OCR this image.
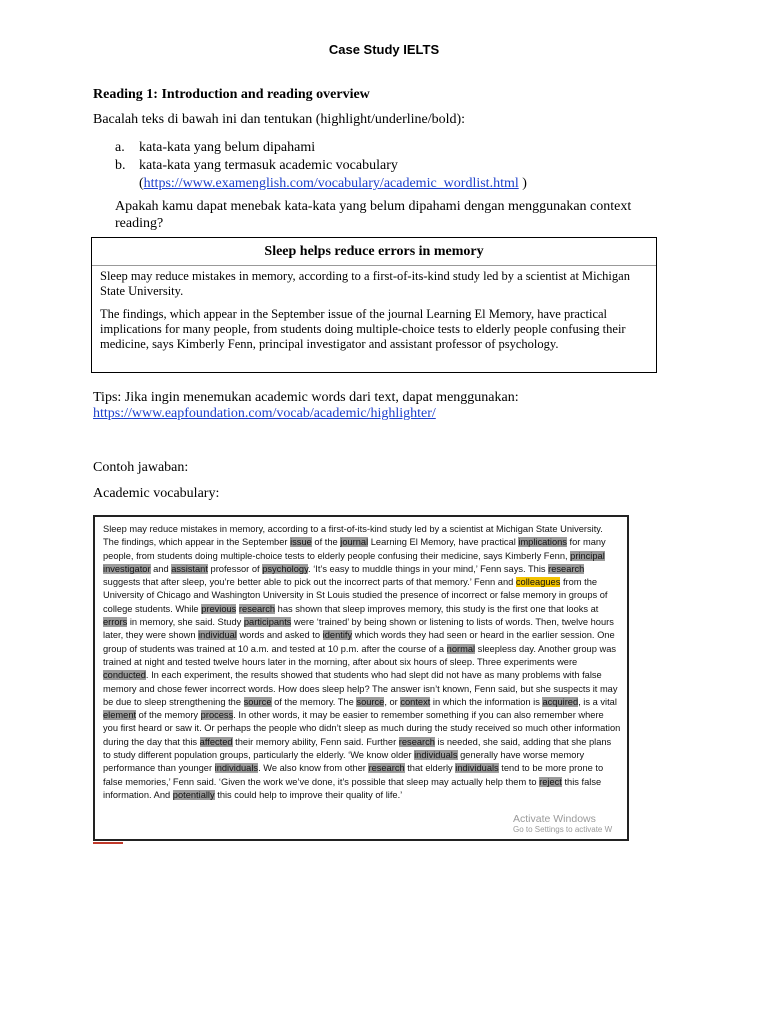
Case Study IELTS
Reading 1: Introduction and reading overview
Bacalah teks di bawah ini dan tentukan (highlight/underline/bold):
a. kata-kata yang belum dipahami
b. kata-kata yang termasuk academic vocabulary
(https://www.examenglish.com/vocabulary/academic_wordlist.html )
Apakah kamu dapat menebak kata-kata yang belum dipahami dengan menggunakan context reading?
Sleep helps reduce errors in memory
Sleep may reduce mistakes in memory, according to a first-of-its-kind study led by a scientist at Michigan State University.
The findings, which appear in the September issue of the journal Learning El Memory, have practical implications for many people, from students doing multiple-choice tests to elderly people confusing their medicine, says Kimberly Fenn, principal investigator and assistant professor of psychology.
Tips: Jika ingin menemukan academic words dari text, dapat menggunakan:
https://www.eapfoundation.com/vocab/academic/highlighter/
Contoh jawaban:
Academic vocabulary:
Sleep may reduce mistakes in memory, according to a first-of-its-kind study led by a scientist at Michigan State University. The findings, which appear in the September issue of the journal Learning El Memory, have practical implications for many people, from students doing multiple-choice tests to elderly people confusing their medicine, says Kimberly Fenn, principal investigator and assistant professor of psychology. ‘It’s easy to muddle things in your mind,’ Fenn says. This research suggests that after sleep, you’re better able to pick out the incorrect parts of that memory.’ Fenn and colleagues from the University of Chicago and Washington University in St Louis studied the presence of incorrect or false memory in groups of college students. While previous research has shown that sleep improves memory, this study is the first one that looks at errors in memory, she said. Study participants were ‘trained’ by being shown or listening to lists of words. Then, twelve hours later, they were shown individual words and asked to identify which words they had seen or heard in the earlier session. One group of students was trained at 10 a.m. and tested at 10 p.m. after the course of a normal sleepless day. Another group was trained at night and tested twelve hours later in the morning, after about six hours of sleep. Three experiments were conducted. In each experiment, the results showed that students who had slept did not have as many problems with false memory and chose fewer incorrect words. How does sleep help? The answer isn’t known, Fenn said, but she suspects it may be due to sleep strengthening the source of the memory. The source, or context in which the information is acquired, is a vital element of the memory process. In other words, it may be easier to remember something if you can also remember where you first heard or saw it. Or perhaps the people who didn’t sleep as much during the study received so much other information during the day that this affected their memory ability, Fenn said. Further research is needed, she said, adding that she plans to study different population groups, particularly the elderly. ‘We know older individuals generally have worse memory performance than younger individuals. We also know from other research that elderly individuals tend to be more prone to false memories,’ Fenn said. ‘Given the work we’ve done, it’s possible that sleep may actually help them to reject this false information. And potentially this could help to improve their quality of life.’
Activate Windows
Go to Settings to activate W
